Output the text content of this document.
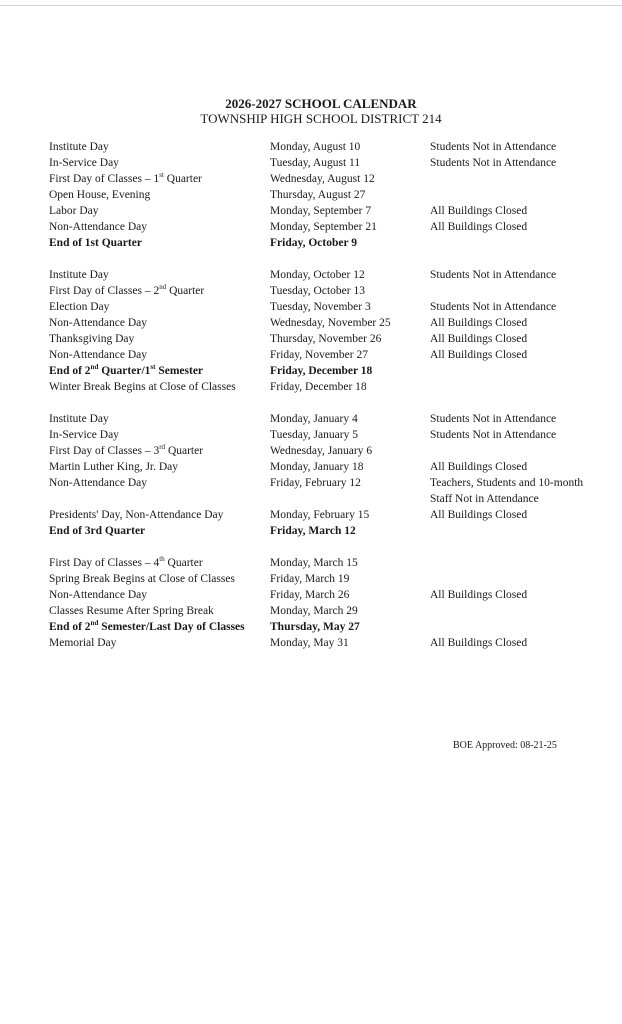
2026-2027 SCHOOL CALENDAR
TOWNSHIP HIGH SCHOOL DISTRICT 214
Institute Day	Monday, August 10	Students Not in Attendance
In-Service Day	Tuesday, August 11	Students Not in Attendance
First Day of Classes – 1st Quarter	Wednesday, August 12
Open House, Evening	Thursday, August 27
Labor Day	Monday, September 7	All Buildings Closed
Non-Attendance Day	Monday, September 21	All Buildings Closed
End of 1st Quarter	Friday, October 9
Institute Day	Monday, October 12	Students Not in Attendance
First Day of Classes – 2nd Quarter	Tuesday, October 13
Election Day	Tuesday, November 3	Students Not in Attendance
Non-Attendance Day	Wednesday, November 25	All Buildings Closed
Thanksgiving Day	Thursday, November 26	All Buildings Closed
Non-Attendance Day	Friday, November 27	All Buildings Closed
End of 2nd Quarter/1st Semester	Friday, December 18
Winter Break Begins at Close of Classes	Friday, December 18
Institute Day	Monday, January 4	Students Not in Attendance
In-Service Day	Tuesday, January 5	Students Not in Attendance
First Day of Classes – 3rd Quarter	Wednesday, January 6
Martin Luther King, Jr. Day	Monday, January 18	All Buildings Closed
Non-Attendance Day	Friday, February 12	Teachers, Students and 10-month
Staff Not in Attendance
Presidents' Day, Non-Attendance Day	Monday, February 15	All Buildings Closed
End of 3rd Quarter	Friday, March 12
First Day of Classes – 4th Quarter	Monday, March 15
Spring Break Begins at Close of Classes	Friday, March 19
Non-Attendance Day	Friday, March 26	All Buildings Closed
Classes Resume After Spring Break	Monday, March 29
End of 2nd Semester/Last Day of Classes	Thursday, May 27
Memorial Day	Monday, May 31	All Buildings Closed
BOE Approved: 08-21-25
